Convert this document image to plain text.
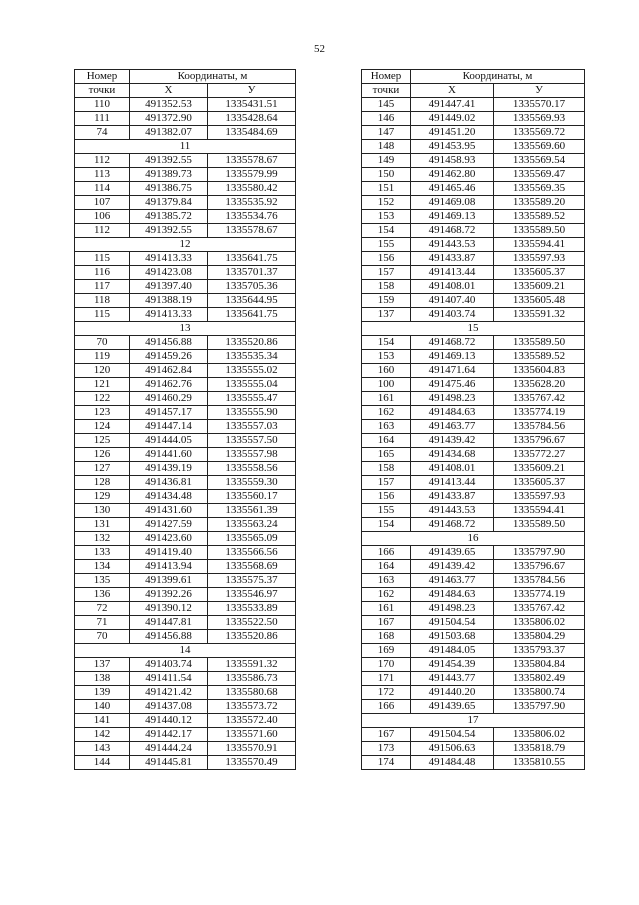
52
Номер	Координаты, м	
точки	X	У
110	491352.53	1335431.51
111	491372.90	1335428.64
74	491382.07	1335484.69
11		
112	491392.55	1335578.67
113	491389.73	1335579.99
114	491386.75	1335580.42
107	491379.84	1335535.92
106	491385.72	1335534.76
112	491392.55	1335578.67
12		
115	491413.33	1335641.75
116	491423.08	1335701.37
117	491397.40	1335705.36
118	491388.19	1335644.95
115	491413.33	1335641.75
13		
70	491456.88	1335520.86
119	491459.26	1335535.34
120	491462.84	1335555.02
121	491462.76	1335555.04
122	491460.29	1335555.47
123	491457.17	1335555.90
124	491447.14	1335557.03
125	491444.05	1335557.50
126	491441.60	1335557.98
127	491439.19	1335558.56
128	491436.81	1335559.30
129	491434.48	1335560.17
130	491431.60	1335561.39
131	491427.59	1335563.24
132	491423.60	1335565.09
133	491419.40	1335566.56
134	491413.94	1335568.69
135	491399.61	1335575.37
136	491392.26	1335546.97
72	491390.12	1335533.89
71	491447.81	1335522.50
70	491456.88	1335520.86
14		
137	491403.74	1335591.32
138	491411.54	1335586.73
139	491421.42	1335580.68
140	491437.08	1335573.72
141	491440.12	1335572.40
142	491442.17	1335571.60
143	491444.24	1335570.91
144	491445.81	1335570.49
Номер	Координаты, м	
точки	X	У
145	491447.41	1335570.17
146	491449.02	1335569.93
147	491451.20	1335569.72
148	491453.95	1335569.60
149	491458.93	1335569.54
150	491462.80	1335569.47
151	491465.46	1335569.35
152	491469.08	1335589.20
153	491469.13	1335589.52
154	491468.72	1335589.50
155	491443.53	1335594.41
156	491433.87	1335597.93
157	491413.44	1335605.37
158	491408.01	1335609.21
159	491407.40	1335605.48
137	491403.74	1335591.32
15		
154	491468.72	1335589.50
153	491469.13	1335589.52
160	491471.64	1335604.83
100	491475.46	1335628.20
161	491498.23	1335767.42
162	491484.63	1335774.19
163	491463.77	1335784.56
164	491439.42	1335796.67
165	491434.68	1335772.27
158	491408.01	1335609.21
157	491413.44	1335605.37
156	491433.87	1335597.93
155	491443.53	1335594.41
154	491468.72	1335589.50
16		
166	491439.65	1335797.90
164	491439.42	1335796.67
163	491463.77	1335784.56
162	491484.63	1335774.19
161	491498.23	1335767.42
167	491504.54	1335806.02
168	491503.68	1335804.29
169	491484.05	1335793.37
170	491454.39	1335804.84
171	491443.77	1335802.49
172	491440.20	1335800.74
166	491439.65	1335797.90
17		
167	491504.54	1335806.02
173	491506.63	1335818.79
174	491484.48	1335810.55
